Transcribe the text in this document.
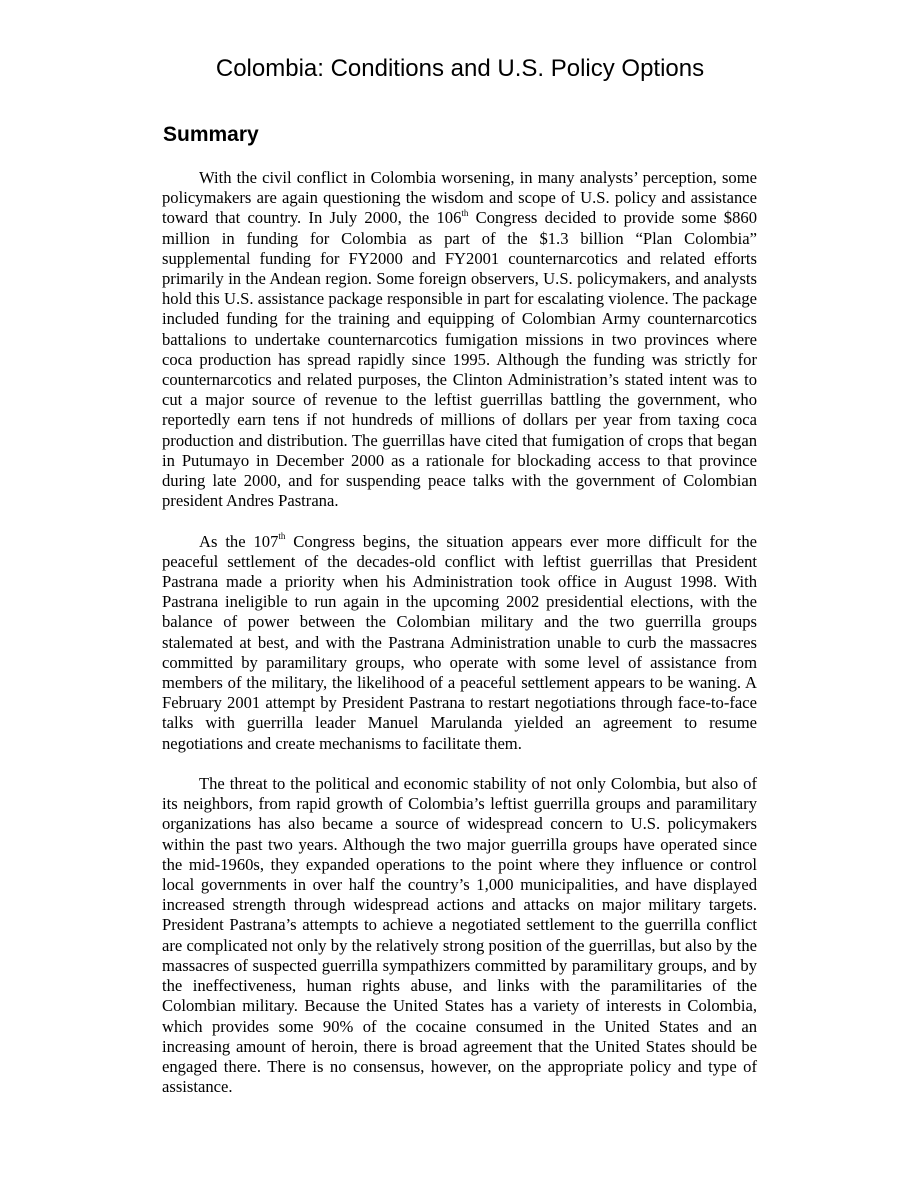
Colombia: Conditions and U.S. Policy Options
Summary

With the civil conflict in Colombia worsening, in many analysts’ perception, some policymakers are again questioning the wisdom and scope of U.S. policy and assistance toward that country. In July 2000, the 106th Congress decided to provide some $860 million in funding for Colombia as part of the $1.3 billion “Plan Colombia” supplemental funding for FY2000 and FY2001 counternarcotics and related efforts primarily in the Andean region. Some foreign observers, U.S. policymakers, and analysts hold this U.S. assistance package responsible in part for escalating violence. The package included funding for the training and equipping of Colombian Army counternarcotics battalions to undertake counternarcotics fumigation missions in two provinces where coca production has spread rapidly since 1995. Although the funding was strictly for counternarcotics and related purposes, the Clinton Administration’s stated intent was to cut a major source of revenue to the leftist guerrillas battling the government, who reportedly earn tens if not hundreds of millions of dollars per year from taxing coca production and distribution. The guerrillas have cited that fumigation of crops that began in Putumayo in December 2000 as a rationale for blockading access to that province during late 2000, and for suspending peace talks with the government of Colombian president Andres Pastrana.

As the 107th Congress begins, the situation appears ever more difficult for the peaceful settlement of the decades-old conflict with leftist guerrillas that President Pastrana made a priority when his Administration took office in August 1998. With Pastrana ineligible to run again in the upcoming 2002 presidential elections, with the balance of power between the Colombian military and the two guerrilla groups stalemated at best, and with the Pastrana Administration unable to curb the massacres committed by paramilitary groups, who operate with some level of assistance from members of the military, the likelihood of a peaceful settlement appears to be waning. A February 2001 attempt by President Pastrana to restart negotiations through face-to-face talks with guerrilla leader Manuel Marulanda yielded an agreement to resume negotiations and create mechanisms to facilitate them.

The threat to the political and economic stability of not only Colombia, but also of its neighbors, from rapid growth of Colombia’s leftist guerrilla groups and paramilitary organizations has also became a source of widespread concern to U.S. policymakers within the past two years. Although the two major guerrilla groups have operated since the mid-1960s, they expanded operations to the point where they influence or control local governments in over half the country’s 1,000 municipalities, and have displayed increased strength through widespread actions and attacks on major military targets. President Pastrana’s attempts to achieve a negotiated settlement to the guerrilla conflict are complicated not only by the relatively strong position of the guerrillas, but also by the massacres of suspected guerrilla sympathizers committed by paramilitary groups, and by the ineffectiveness, human rights abuse, and links with the paramilitaries of the Colombian military. Because the United States has a variety of interests in Colombia, which provides some 90% of the cocaine consumed in the United States and an increasing amount of heroin, there is broad agreement that the United States should be engaged there. There is no consensus, however, on the appropriate policy and type of assistance.
